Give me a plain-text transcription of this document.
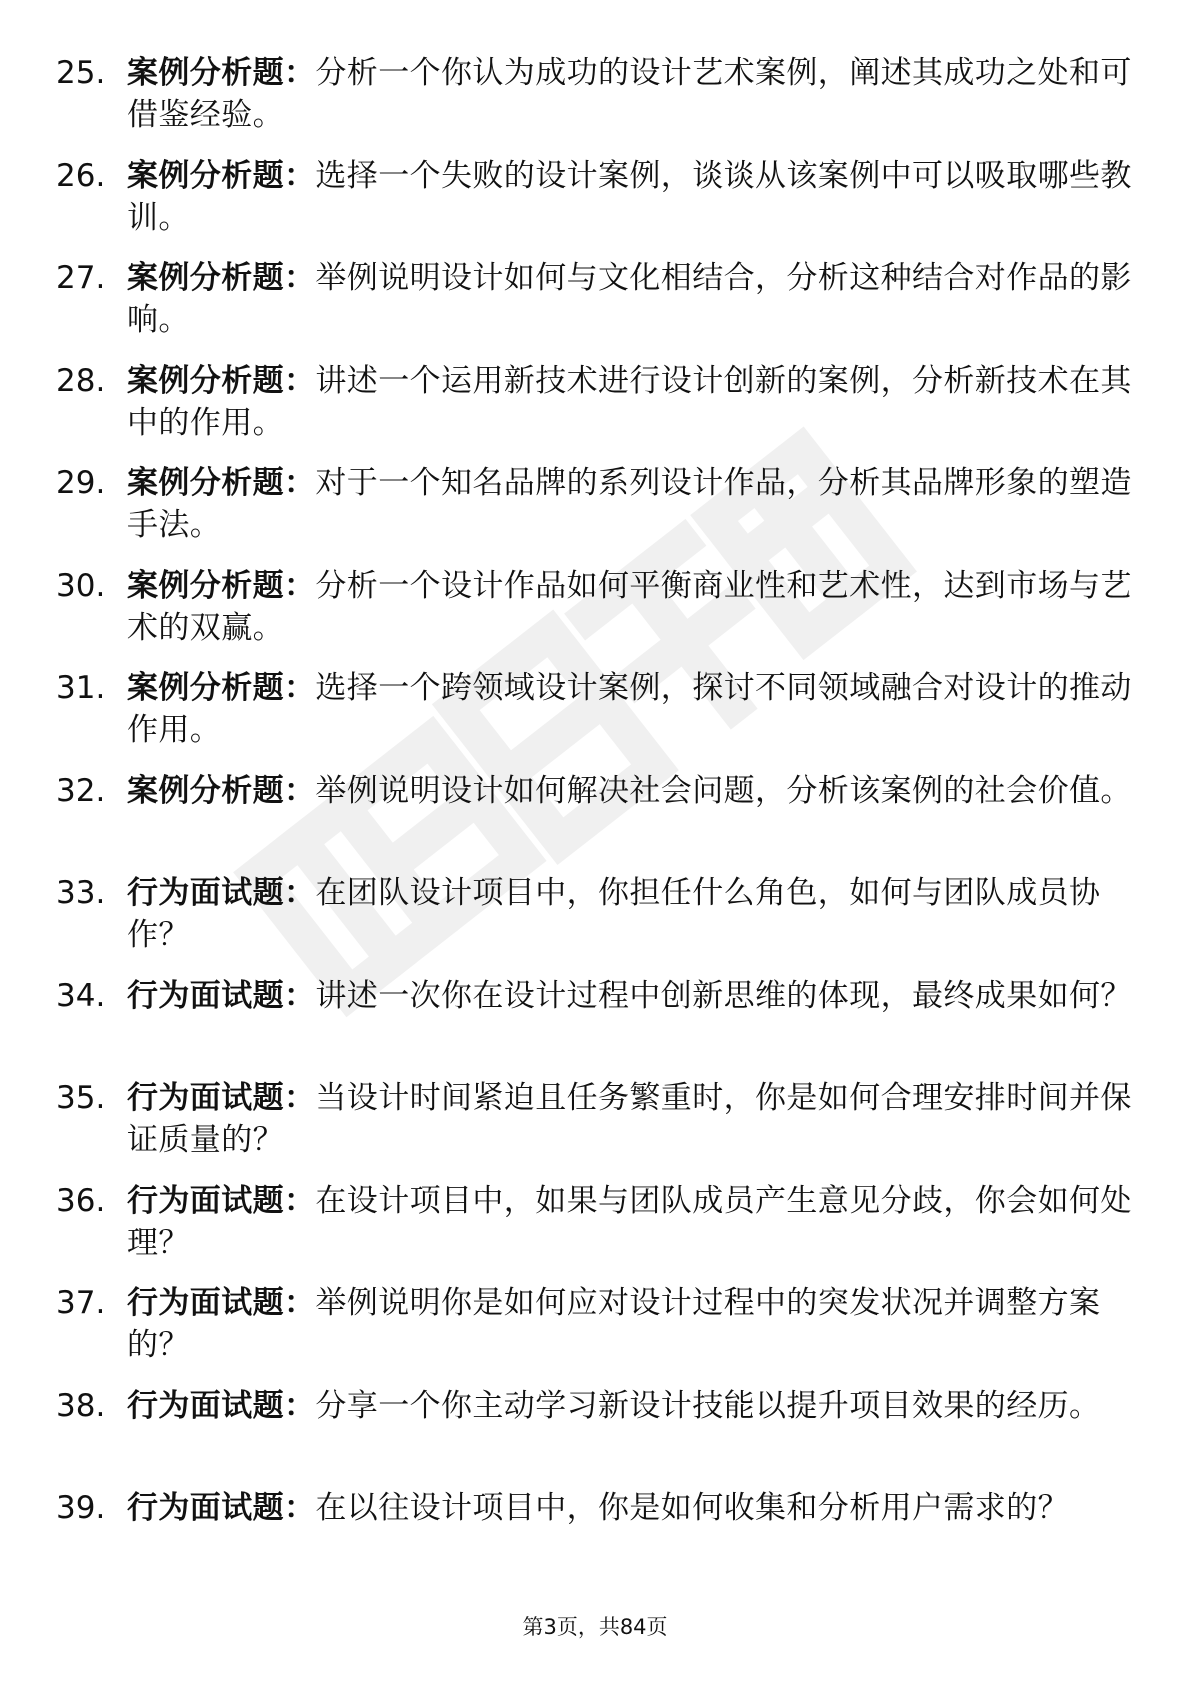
25. 案例分析题：分析一个你认为成功的设计艺术案例，阐述其成功之处和可借鉴经验。
26. 案例分析题：选择一个失败的设计案例，谈谈从该案例中可以吸取哪些教训。
27. 案例分析题：举例说明设计如何与文化相结合，分析这种结合对作品的影响。
28. 案例分析题：讲述一个运用新技术进行设计创新的案例，分析新技术在其中的作用。
29. 案例分析题：对于一个知名品牌的系列设计作品，分析其品牌形象的塑造手法。
30. 案例分析题：分析一个设计作品如何平衡商业性和艺术性，达到市场与艺术的双赢。
31. 案例分析题：选择一个跨领域设计案例，探讨不同领域融合对设计的推动作用。
32. 案例分析题：举例说明设计如何解决社会问题，分析该案例的社会价值。
33. 行为面试题：在团队设计项目中，你担任什么角色，如何与团队成员协作？
34. 行为面试题：讲述一次你在设计过程中创新思维的体现，最终成果如何？
35. 行为面试题：当设计时间紧迫且任务繁重时，你是如何合理安排时间并保证质量的？
36. 行为面试题：在设计项目中，如果与团队成员产生意见分歧，你会如何处理？
37. 行为面试题：举例说明你是如何应对设计过程中的突发状况并调整方案的？
38. 行为面试题：分享一个你主动学习新设计技能以提升项目效果的经历。
39. 行为面试题：在以往设计项目中，你是如何收集和分析用户需求的？
第3页，共84页
